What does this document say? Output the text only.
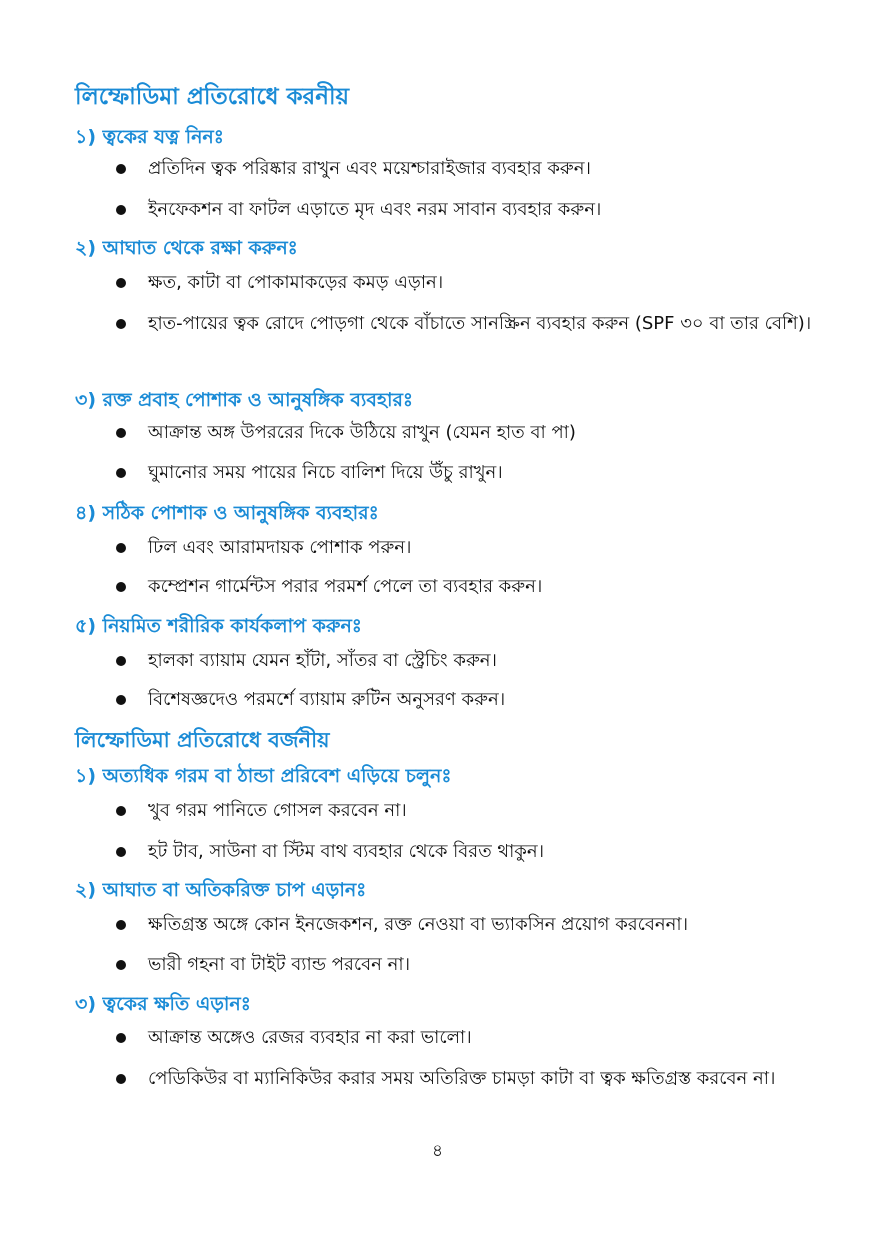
লিম্ফোডিমা প্রতিরোধে করনীয়
১) ত্বকের যত্ন নিনঃ
প্রতিদিন ত্বক পরিষ্কার রাখুন এবং ময়েশ্চারাইজার ব্যবহার করুন।
ইনফেকশন বা ফাটল এড়াতে মৃদ এবং নরম সাবান ব্যবহার করুন।
২) আঘাত থেকে রক্ষা করুনঃ
ক্ষত, কাটা বা পোকামাকড়ের কমড় এড়ান।
হাত-পায়ের ত্বক রোদে পোড়গা থেকে বাঁচাতে সানস্ক্রিন ব্যবহার করুন (SPF ৩০ বা তার বেশি)।
৩) রক্ত প্রবাহ পোশাক ও আনুষঙ্গিক ব্যবহারঃ
আক্রান্ত অঙ্গ উপররের দিকে উঠিয়ে রাখুন (যেমন হাত বা পা)
ঘুমানোর সময় পায়ের নিচে বালিশ দিয়ে উঁচু রাখুন।
৪) সঠিক পোশাক ও আনুষঙ্গিক ব্যবহারঃ
ঢিল এবং আরামদায়ক পোশাক পরুন।
কম্প্রেশন গার্মেন্টস পরার পরমর্শ পেলে তা ব্যবহার করুন।
৫) নিয়মিত শরীরিক কার্যকলাপ করুনঃ
হালকা ব্যায়াম যেমন হাঁটা, সাঁতর বা স্ট্রেচিং করুন।
বিশেষজ্ঞদেও পরমর্শে ব্যায়াম রুটিন অনুসরণ করুন।
লিম্ফোডিমা প্রতিরোধে বর্জনীয়
১) অত্যধিক গরম বা ঠান্ডা প্ররিবেশ এড়িয়ে চলুনঃ
খুব গরম পানিতে গোসল করবেন না।
হট টাব, সাউনা বা স্টিম বাথ ব্যবহার থেকে বিরত থাকুন।
২) আঘাত বা অতিকরিক্ত চাপ এড়ানঃ
ক্ষতিগ্রস্ত অঙ্গে কোন ইনজেকশন, রক্ত নেওয়া বা ভ্যাকসিন প্রয়োগ করবেননা।
ভারী গহনা বা টাইট ব্যান্ড পরবেন না।
৩) ত্বকের ক্ষতি এড়ানঃ
আক্রান্ত অঙ্গেও রেজর ব্যবহার না করা ভালো।
পেডিকিউর বা ম্যানিকিউর করার সময় অতিরিক্ত চামড়া কাটা বা ত্বক ক্ষতিগ্রস্ত করবেন না।
৪
